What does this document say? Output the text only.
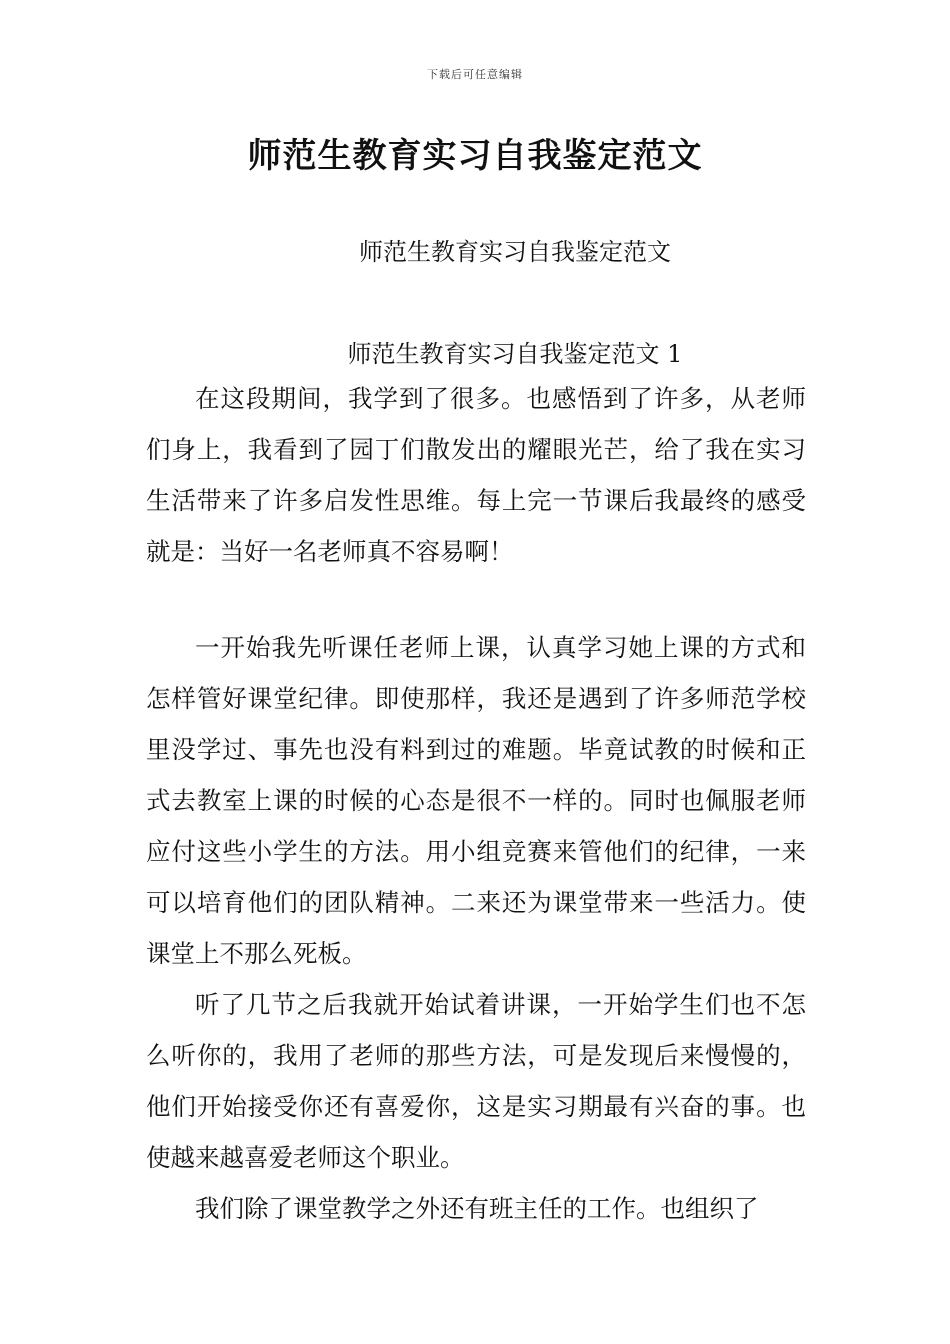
下载后可任意编辑
师范生教育实习自我鉴定范文
师范生教育实习自我鉴定范文
师范生教育实习自我鉴定范文 1

在这段期间，我学到了很多。也感悟到了许多，从老师们身上，我看到了园丁们散发出的耀眼光芒，给了我在实习生活带来了许多启发性思维。每上完一节课后我最终的感受就是：当好一名老师真不容易啊！

一开始我先听课任老师上课，认真学习她上课的方式和怎样管好课堂纪律。即使那样，我还是遇到了许多师范学校里没学过、事先也没有料到过的难题。毕竟试教的时候和正式去教室上课的时候的心态是很不一样的。同时也佩服老师应付这些小学生的方法。用小组竞赛来管他们的纪律，一来可以培育他们的团队精神。二来还为课堂带来一些活力。使课堂上不那么死板。

听了几节之后我就开始试着讲课，一开始学生们也不怎么听你的，我用了老师的那些方法，可是发现后来慢慢的，他们开始接受你还有喜爱你，这是实习期最有兴奋的事。也使越来越喜爱老师这个职业。

我们除了课堂教学之外还有班主任的工作。也组织了
